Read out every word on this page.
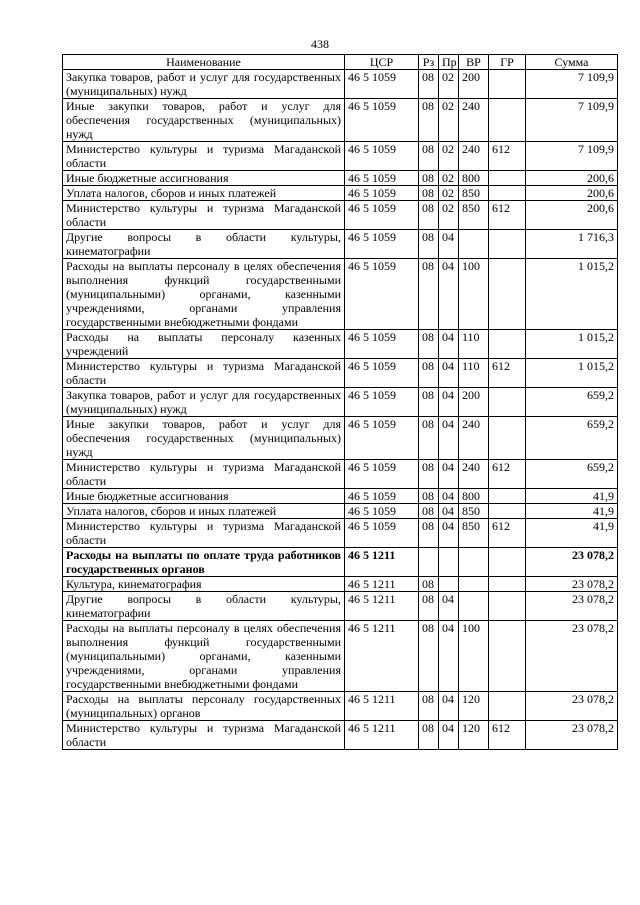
438
Наименование	ЦСР	Рз	Пр	ВР	ГР	Сумма
Закупка товаров, работ и услуг для государственных (муниципальных) нужд	46 5 1059	08	02	200		7 109,9
Иные закупки товаров, работ и услуг для обеспечения государственных (муниципальных) нужд	46 5 1059	08	02	240		7 109,9
Министерство культуры и туризма Магаданской области	46 5 1059	08	02	240	612	7 109,9
Иные бюджетные ассигнования	46 5 1059	08	02	800		200,6
Уплата налогов, сборов и иных платежей	46 5 1059	08	02	850		200,6
Министерство культуры и туризма Магаданской области	46 5 1059	08	02	850	612	200,6
Другие вопросы в области культуры, кинематографии	46 5 1059	08	04			1 716,3
Расходы на выплаты персоналу в целях обеспечения выполнения функций государственными (муниципальными) органами, казенными учреждениями, органами управления государственными внебюджетными фондами	46 5 1059	08	04	100		1 015,2
Расходы на выплаты персоналу казенных учреждений	46 5 1059	08	04	110		1 015,2
Министерство культуры и туризма Магаданской области	46 5 1059	08	04	110	612	1 015,2
Закупка товаров, работ и услуг для государственных (муниципальных) нужд	46 5 1059	08	04	200		659,2
Иные закупки товаров, работ и услуг для обеспечения государственных (муниципальных) нужд	46 5 1059	08	04	240		659,2
Министерство культуры и туризма Магаданской области	46 5 1059	08	04	240	612	659,2
Иные бюджетные ассигнования	46 5 1059	08	04	800		41,9
Уплата налогов, сборов и иных платежей	46 5 1059	08	04	850		41,9
Министерство культуры и туризма Магаданской области	46 5 1059	08	04	850	612	41,9
Расходы на выплаты по оплате труда работников государственных органов	46 5 1211					23 078,2
Культура, кинематография	46 5 1211	08				23 078,2
Другие вопросы в области культуры, кинематографии	46 5 1211	08	04			23 078,2
Расходы на выплаты персоналу в целях обеспечения выполнения функций государственными (муниципальными) органами, казенными учреждениями, органами управления государственными внебюджетными фондами	46 5 1211	08	04	100		23 078,2
Расходы на выплаты персоналу государственных (муниципальных) органов	46 5 1211	08	04	120		23 078,2
Министерство культуры и туризма Магаданской области	46 5 1211	08	04	120	612	23 078,2
